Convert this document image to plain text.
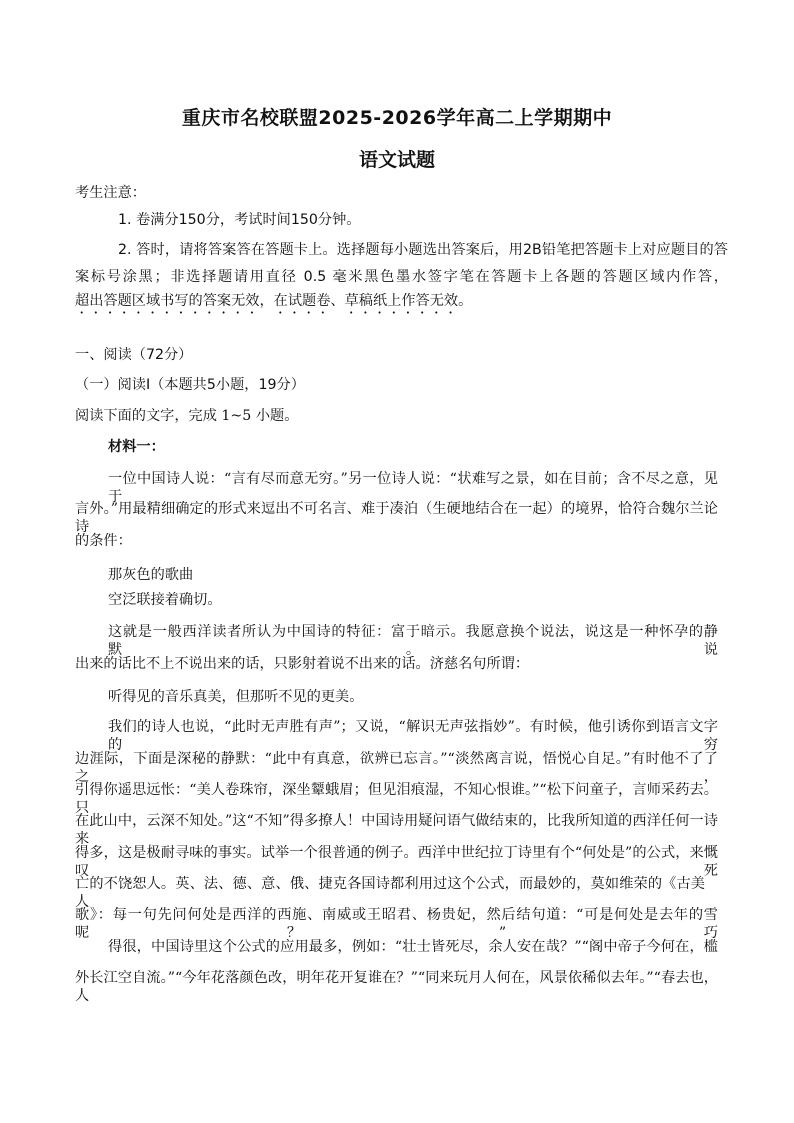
重庆市名校联盟2025-2026学年高二上学期期中
语文试题
考生注意：
1. 卷满分150分，考试时间150分钟。
2. 答时，请将答案答在答题卡上。选择题每小题选出答案后，用2B铅笔把答题卡上对应题目的答
案标号涂黑；非选择题请用直径 0.5 毫米黑色墨水签字笔在答题卡上各题的答题区域内作答，
超出答题区域书写的答案无效，在试题卷、草稿纸上作答无效。
一、阅读（72分）
（一）阅读Ⅰ（本题共5小题，19分）
阅读下面的文字，完成 1~5 小题。
材料一：
一位中国诗人说：“言有尽而意无穷。”另一位诗人说：“状难写之景，如在目前；含不尽之意，见于
言外。”用最精细确定的形式来逗出不可名言、难于凑泊（生硬地结合在一起）的境界，恰符合魏尔兰论诗
的条件：
那灰色的歌曲
空泛联接着确切。
这就是一般西洋读者所认为中国诗的特征：富于暗示。我愿意换个说法，说这是一种怀孕的静默。说
出来的话比不上不说出来的话，只影射着说不出来的话。济慈名句所谓：
听得见的音乐真美，但那听不见的更美。
我们的诗人也说，“此时无声胜有声”；又说，“解识无声弦指妙”。有时候，他引诱你到语言文字的穷
边涯际，下面是深秘的静默：“此中有真意，欲辨已忘言。”“淡然离言说，悟悦心自足。”有时他不了了之，
引得你遥思远怅：“美人卷珠帘，深坐颦蛾眉；但见泪痕湿，不知心恨谁。”“松下问童子，言师采药去。只
在此山中，云深不知处。”这“不知”得多撩人！中国诗用疑问语气做结束的，比我所知道的西洋任何一诗来
得多，这是极耐寻味的事实。试举一个很普通的例子。西洋中世纪拉丁诗里有个“何处是”的公式，来慨叹死
亡的不饶恕人。英、法、德、意、俄、捷克各国诗都利用过这个公式，而最妙的，莫如维荣的《古美人
歌》：每一句先问何处是西洋的西施、南威或王昭君、杨贵妃，然后结句道：“可是何处是去年的雪呢？”巧
得很，中国诗里这个公式的应用最多，例如：“壮士皆死尽，余人安在哉？”“阁中帝子今何在，槛
外长江空自流。”“今年花落颜色改，明年花开复谁在？”“同来玩月人何在，风景依稀似去年。”“春去也，人
